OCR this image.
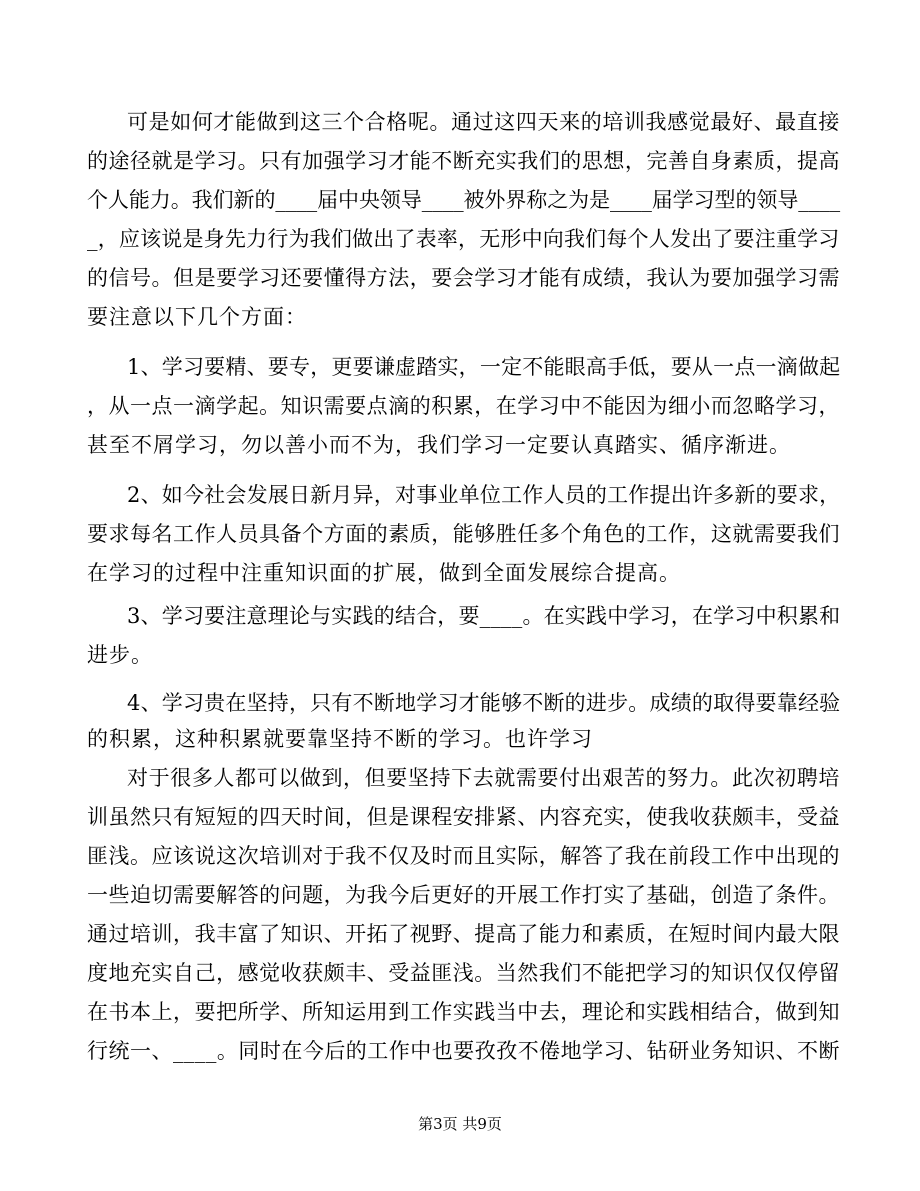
可是如何才能做到这三个合格呢。通过这四天来的培训我感觉最好、最直接
的途径就是学习。只有加强学习才能不断充实我们的思想，完善自身素质，提高
个人能力。我们新的____届中央领导____被外界称之为是____届学习型的领导____
_，应该说是身先力行为我们做出了表率，无形中向我们每个人发出了要注重学习
的信号。但是要学习还要懂得方法，要会学习才能有成绩，我认为要加强学习需
要注意以下几个方面：
1、学习要精、要专，更要谦虚踏实，一定不能眼高手低，要从一点一滴做起
，从一点一滴学起。知识需要点滴的积累，在学习中不能因为细小而忽略学习，
甚至不屑学习，勿以善小而不为，我们学习一定要认真踏实、循序渐进。
2、如今社会发展日新月异，对事业单位工作人员的工作提出许多新的要求，
要求每名工作人员具备个方面的素质，能够胜任多个角色的工作，这就需要我们
在学习的过程中注重知识面的扩展，做到全面发展综合提高。
3、学习要注意理论与实践的结合，要____。在实践中学习，在学习中积累和
进步。
4、学习贵在坚持，只有不断地学习才能够不断的进步。成绩的取得要靠经验
的积累，这种积累就要靠坚持不断的学习。也许学习
对于很多人都可以做到，但要坚持下去就需要付出艰苦的努力。此次初聘培
训虽然只有短短的四天时间，但是课程安排紧、内容充实，使我收获颇丰，受益
匪浅。应该说这次培训对于我不仅及时而且实际，解答了我在前段工作中出现的
一些迫切需要解答的问题，为我今后更好的开展工作打实了基础，创造了条件。
通过培训，我丰富了知识、开拓了视野、提高了能力和素质，在短时间内最大限
度地充实自己，感觉收获颇丰、受益匪浅。当然我们不能把学习的知识仅仅停留
在书本上，要把所学、所知运用到工作实践当中去，理论和实践相结合，做到知
行统一、____。同时在今后的工作中也要孜孜不倦地学习、钻研业务知识、不断
第3页 共9页
